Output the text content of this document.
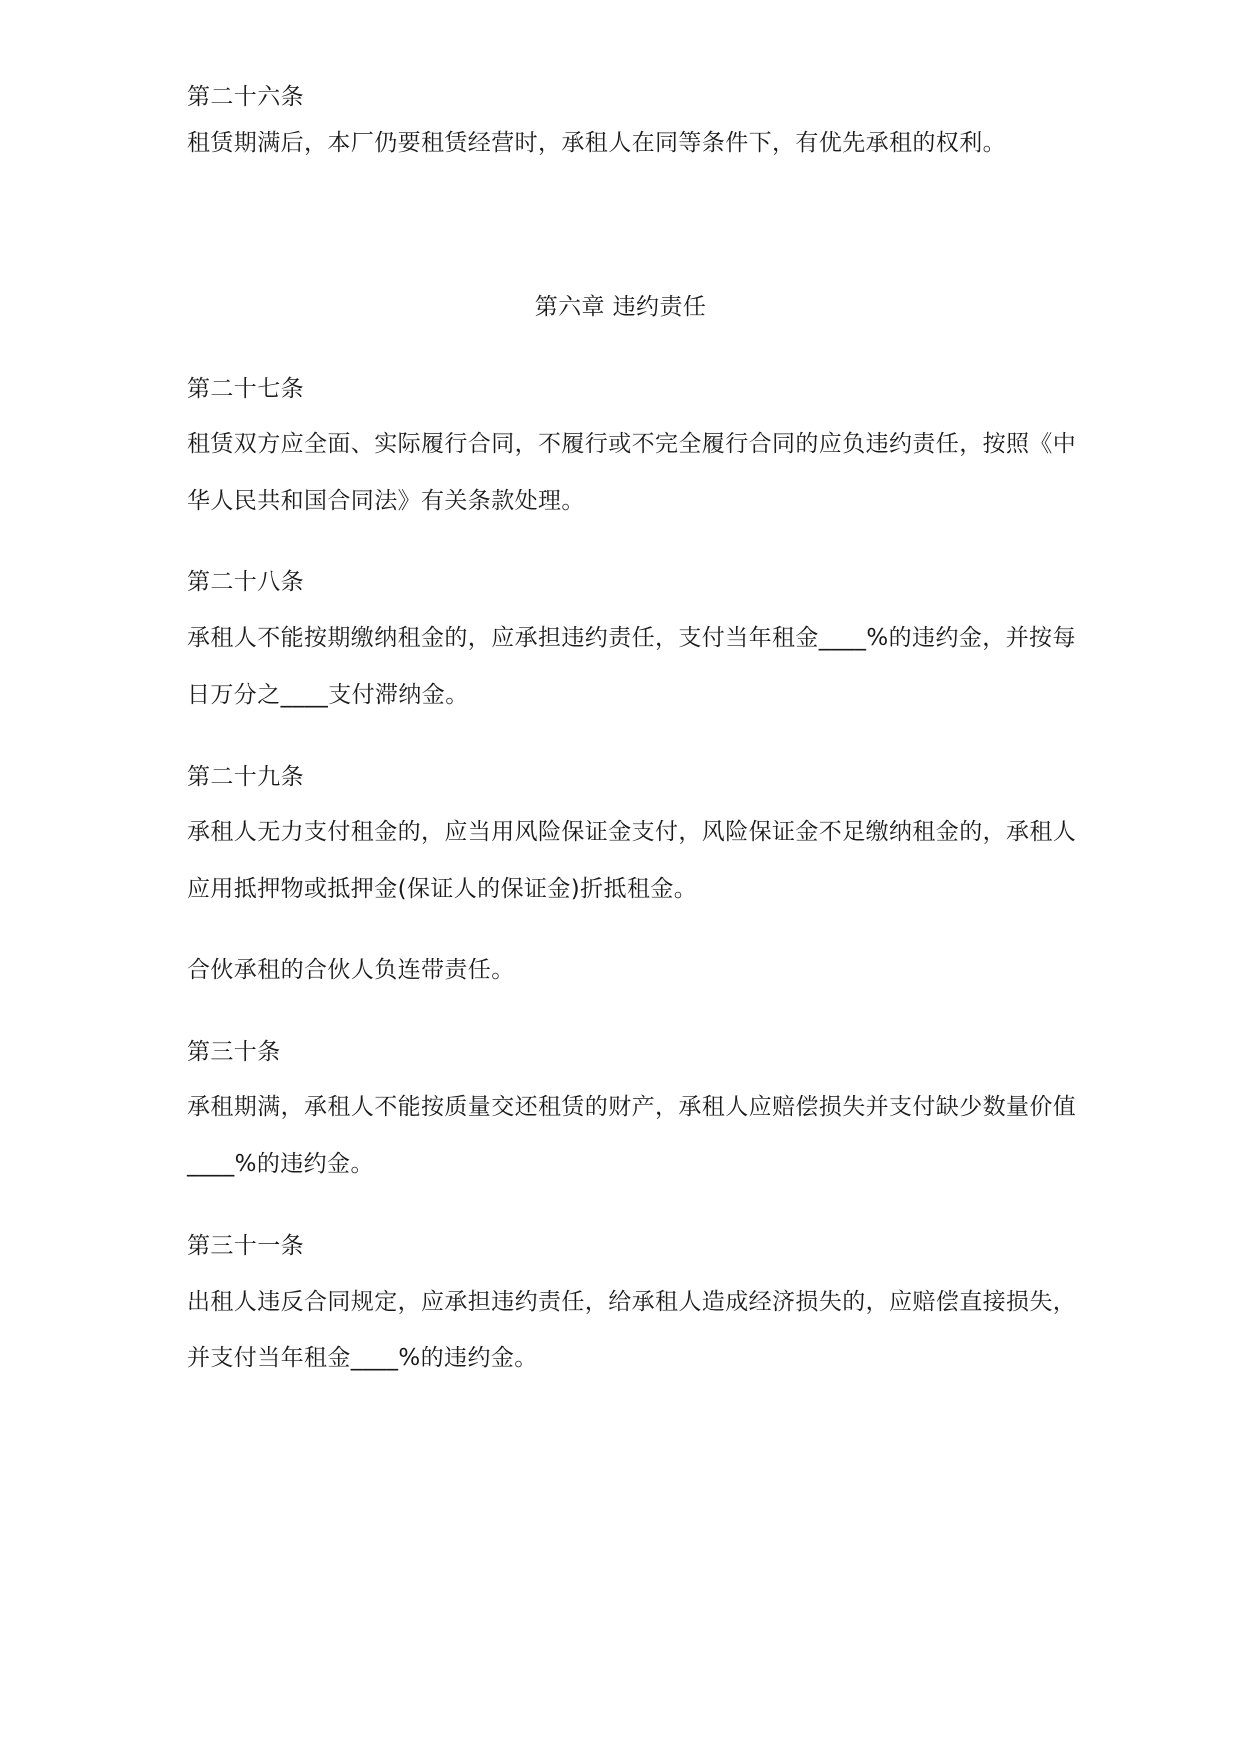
第二十六条
租赁期满后，本厂仍要租赁经营时，承租人在同等条件下，有优先承租的权利。
第六章 违约责任
第二十七条
租赁双方应全面、实际履行合同，不履行或不完全履行合同的应负违约责任，按照《中
华人民共和国合同法》有关条款处理。
第二十八条
承租人不能按期缴纳租金的，应承担违约责任，支付当年租金____%的违约金，并按每
日万分之____支付滞纳金。
第二十九条
承租人无力支付租金的，应当用风险保证金支付，风险保证金不足缴纳租金的，承租人
应用抵押物或抵押金(保证人的保证金)折抵租金。
合伙承租的合伙人负连带责任。
第三十条
承租期满，承租人不能按质量交还租赁的财产，承租人应赔偿损失并支付缺少数量价值
____%的违约金。
第三十一条
出租人违反合同规定，应承担违约责任，给承租人造成经济损失的，应赔偿直接损失，
并支付当年租金____%的违约金。
